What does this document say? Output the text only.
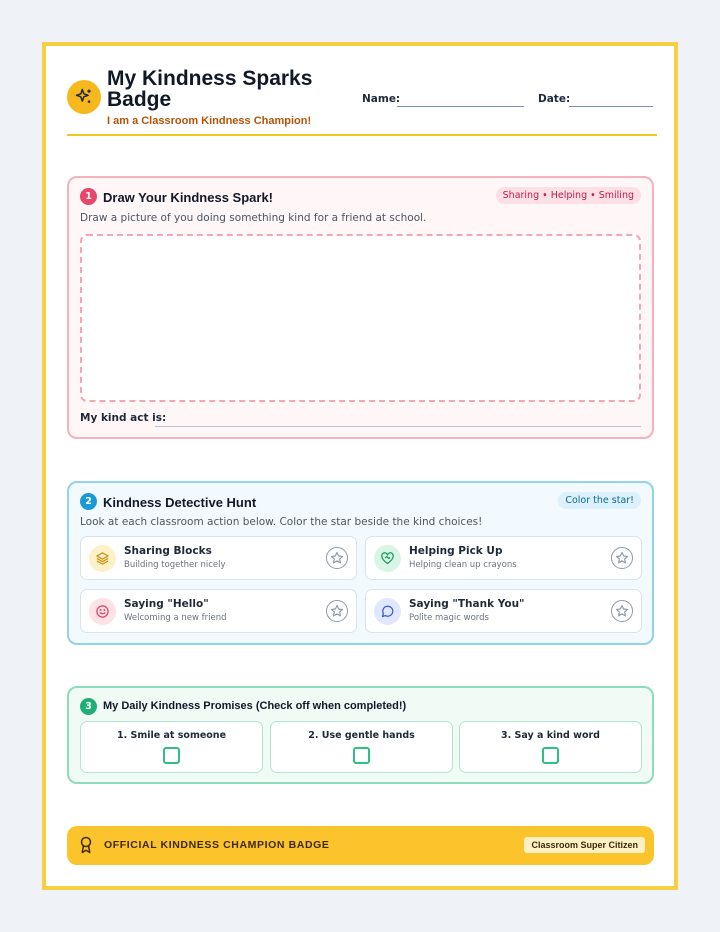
My Kindness Sparks Badge
I am a Classroom Kindness Champion!
Name:	Date:
1 Draw Your Kindness Spark!	Sharing • Helping • Smiling
Draw a picture of you doing something kind for a friend at school.
My kind act is:
2 Kindness Detective Hunt	Color the star!
Look at each classroom action below. Color the star beside the kind choices!
Sharing Blocks
Building together nicely
Helping Pick Up
Helping clean up crayons
Saying "Hello"
Welcoming a new friend
Saying "Thank You"
Polite magic words
3	My Daily Kindness Promises (Check off when completed!)
1. Smile at someone	2. Use gentle hands	3. Say a kind word
OFFICIAL KINDNESS CHAMPION BADGE	Classroom Super Citizen
